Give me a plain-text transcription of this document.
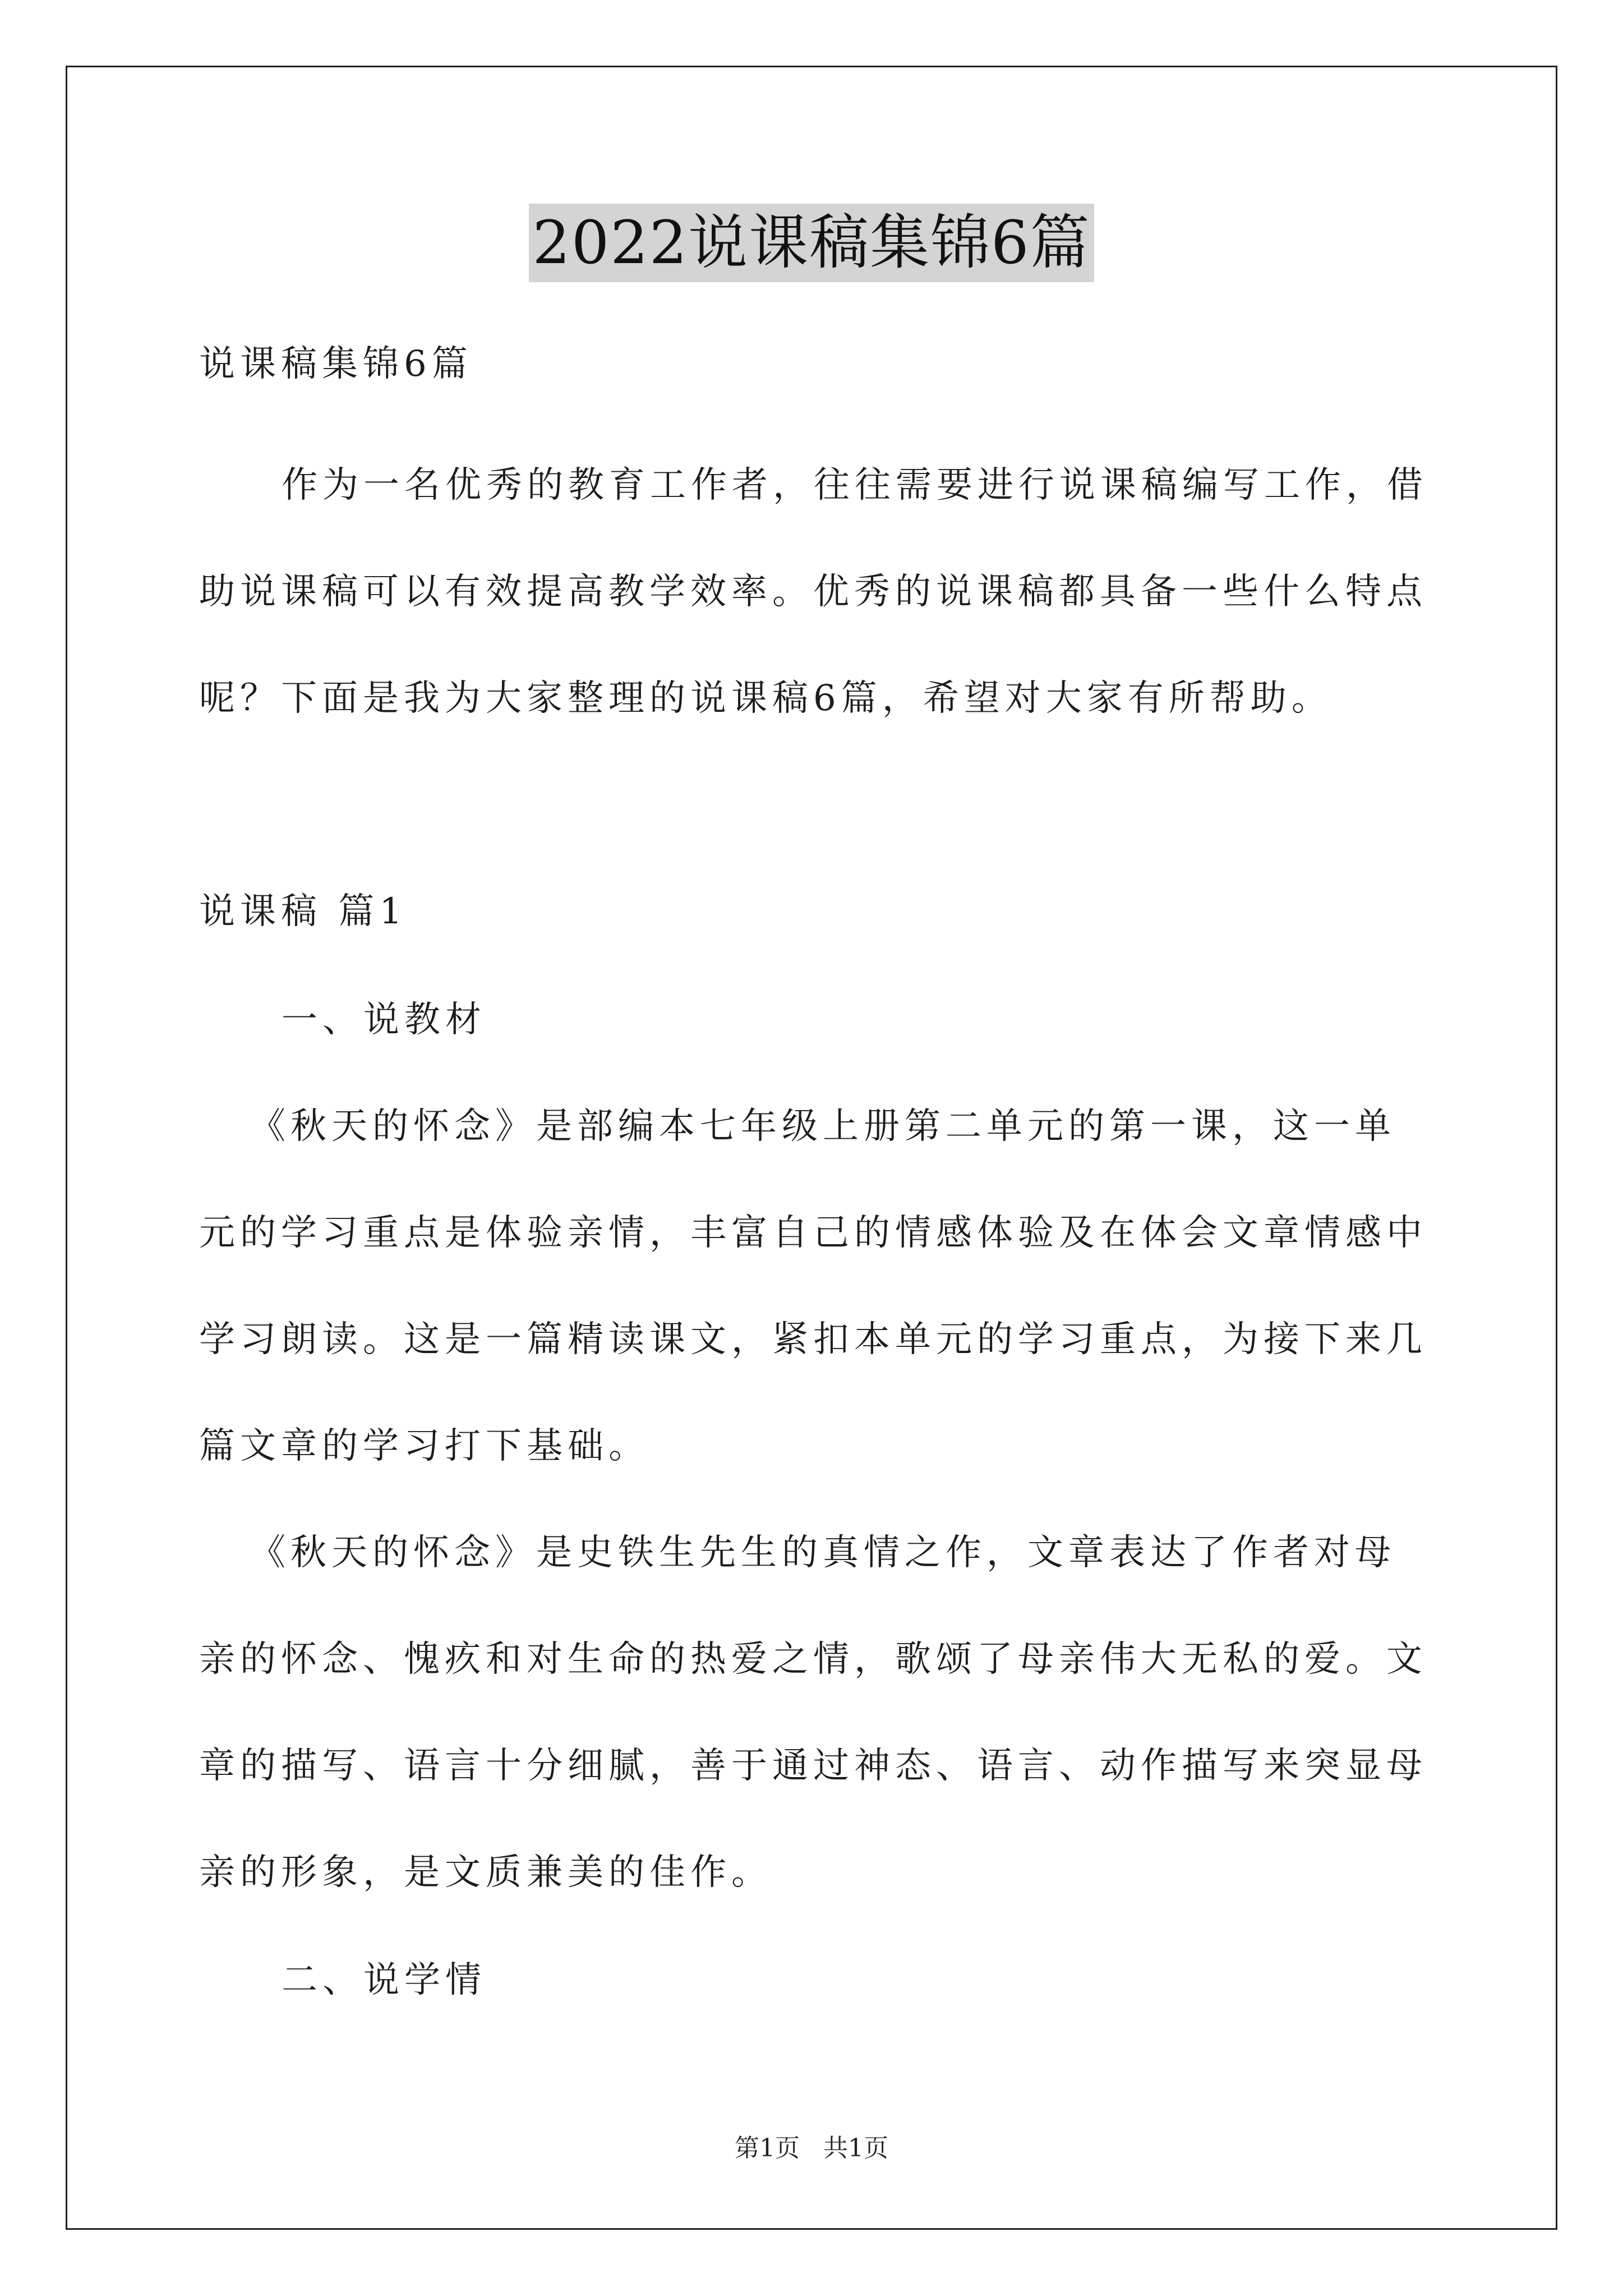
2022说课稿集锦6篇
说课稿集锦6篇
作为一名优秀的教育工作者，往往需要进行说课稿编写工作，借
助说课稿可以有效提高教学效率。优秀的说课稿都具备一些什么特点
呢？下面是我为大家整理的说课稿6篇，希望对大家有所帮助。
说课稿 篇1
一、说教材
《秋天的怀念》是部编本七年级上册第二单元的第一课，这一单
元的学习重点是体验亲情，丰富自己的情感体验及在体会文章情感中
学习朗读。这是一篇精读课文，紧扣本单元的学习重点，为接下来几
篇文章的学习打下基础。
《秋天的怀念》是史铁生先生的真情之作，文章表达了作者对母
亲的怀念、愧疚和对生命的热爱之情，歌颂了母亲伟大无私的爱。文
章的描写、语言十分细腻，善于通过神态、语言、动作描写来突显母
亲的形象，是文质兼美的佳作。
二、说学情
第1页 共1页
